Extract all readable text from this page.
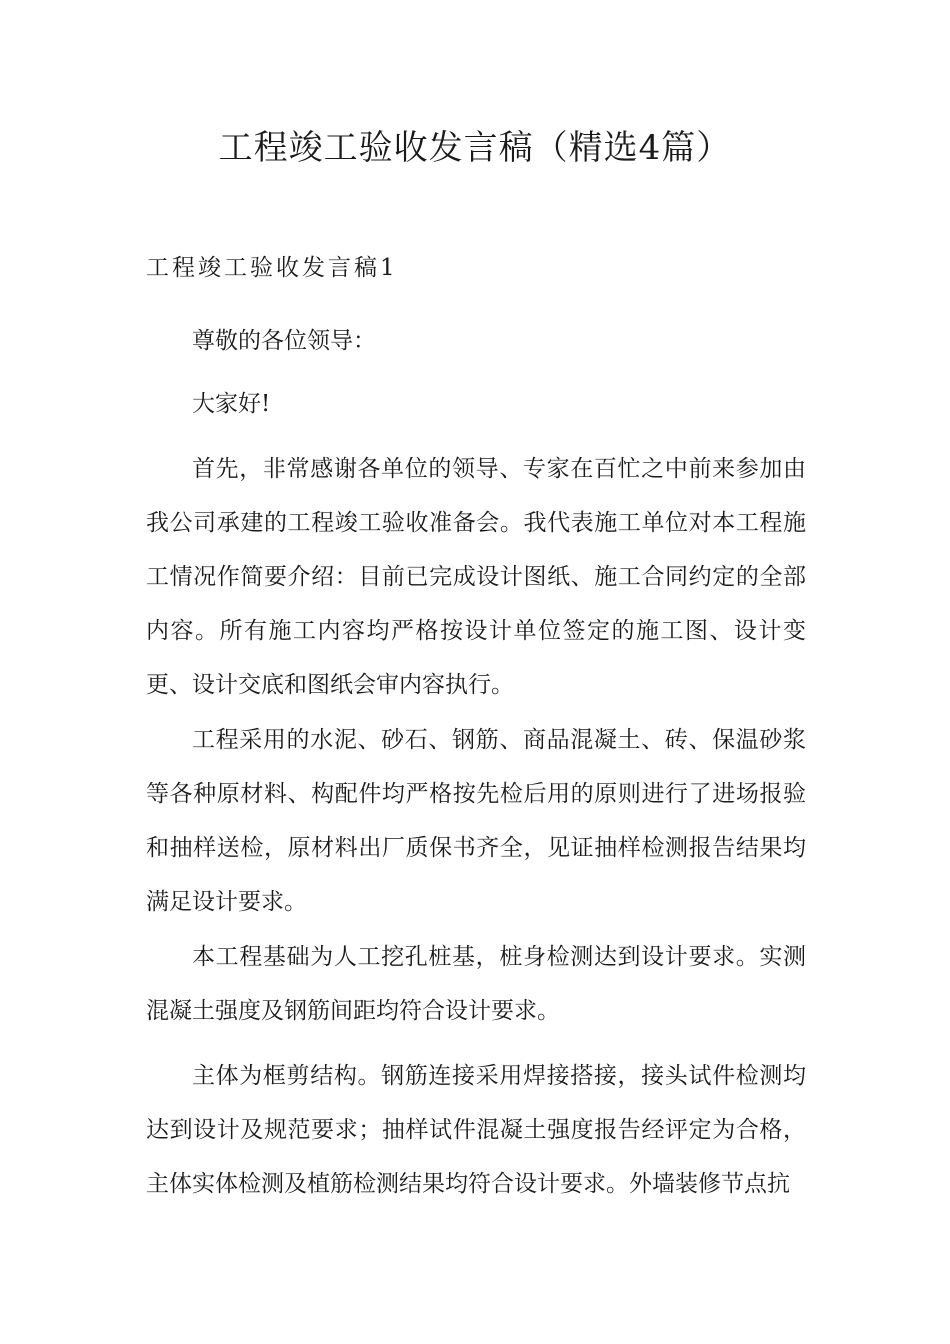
工程竣工验收发言稿（精选4篇）
工程竣工验收发言稿1

尊敬的各位领导：

大家好!

首先，非常感谢各单位的领导、专家在百忙之中前来参加由我公司承建的工程竣工验收准备会。我代表施工单位对本工程施工情况作简要介绍：目前已完成设计图纸、施工合同约定的全部内容。所有施工内容均严格按设计单位签定的施工图、设计变更、设计交底和图纸会审内容执行。

工程采用的水泥、砂石、钢筋、商品混凝土、砖、保温砂浆等各种原材料、构配件均严格按先检后用的原则进行了进场报验和抽样送检，原材料出厂质保书齐全，见证抽样检测报告结果均满足设计要求。

本工程基础为人工挖孔桩基，桩身检测达到设计要求。实测混凝土强度及钢筋间距均符合设计要求。

主体为框剪结构。钢筋连接采用焊接搭接，接头试件检测均达到设计及规范要求；抽样试件混凝土强度报告经评定为合格，主体实体检测及植筋检测结果均符合设计要求。外墙装修节点抗
